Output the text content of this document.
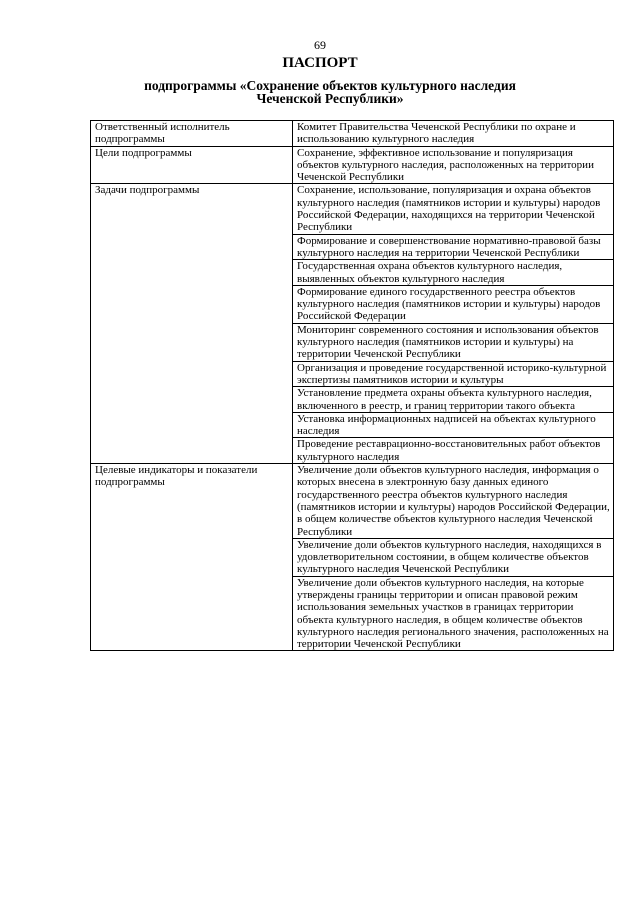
69
ПАСПОРТ
подпрограммы «Сохранение объектов культурного наследия Чеченской Республики»
Ответственный исполнитель подпрограммы	Комитет Правительства Чеченской Республики по охране и использованию культурного наследия
Цели подпрограммы	Сохранение, эффективное использование и популяризация объектов культурного наследия, расположенных на территории Чеченской Республики
Задачи подпрограммы	Сохранение, использование, популяризация и охрана объектов культурного наследия (памятников истории и культуры) народов Российской Федерации, находящихся на территории Чеченской Республики
	Формирование и совершенствование нормативно-правовой базы культурного наследия на территории Чеченской Республики
	Государственная охрана объектов культурного наследия, выявленных объектов культурного наследия
	Формирование единого государственного реестра объектов культурного наследия (памятников истории и культуры) народов Российской Федерации
	Мониторинг современного состояния и использования объектов культурного наследия (памятников истории и культуры) на территории Чеченской Республики
	Организация и проведение государственной историко-культурной экспертизы памятников истории и культуры
	Установление предмета охраны объекта культурного наследия, включенного в реестр, и границ территории такого объекта
	Установка информационных надписей на объектах культурного наследия
	Проведение реставрационно-восстановительных работ объектов культурного наследия
Целевые индикаторы и показатели подпрограммы	Увеличение доли объектов культурного наследия, информация о которых внесена в электронную базу данных единого государственного реестра объектов культурного наследия (памятников истории и культуры) народов Российской Федерации, в общем количестве объектов культурного наследия Чеченской Республики
	Увеличение доли объектов культурного наследия, находящихся в удовлетворительном состоянии, в общем количестве объектов культурного наследия Чеченской Республики
	Увеличение доли объектов культурного наследия, на которые утверждены границы территории и описан правовой режим использования земельных участков в границах территории объекта культурного наследия, в общем количестве объектов культурного наследия регионального значения, расположенных на территории Чеченской Республики
